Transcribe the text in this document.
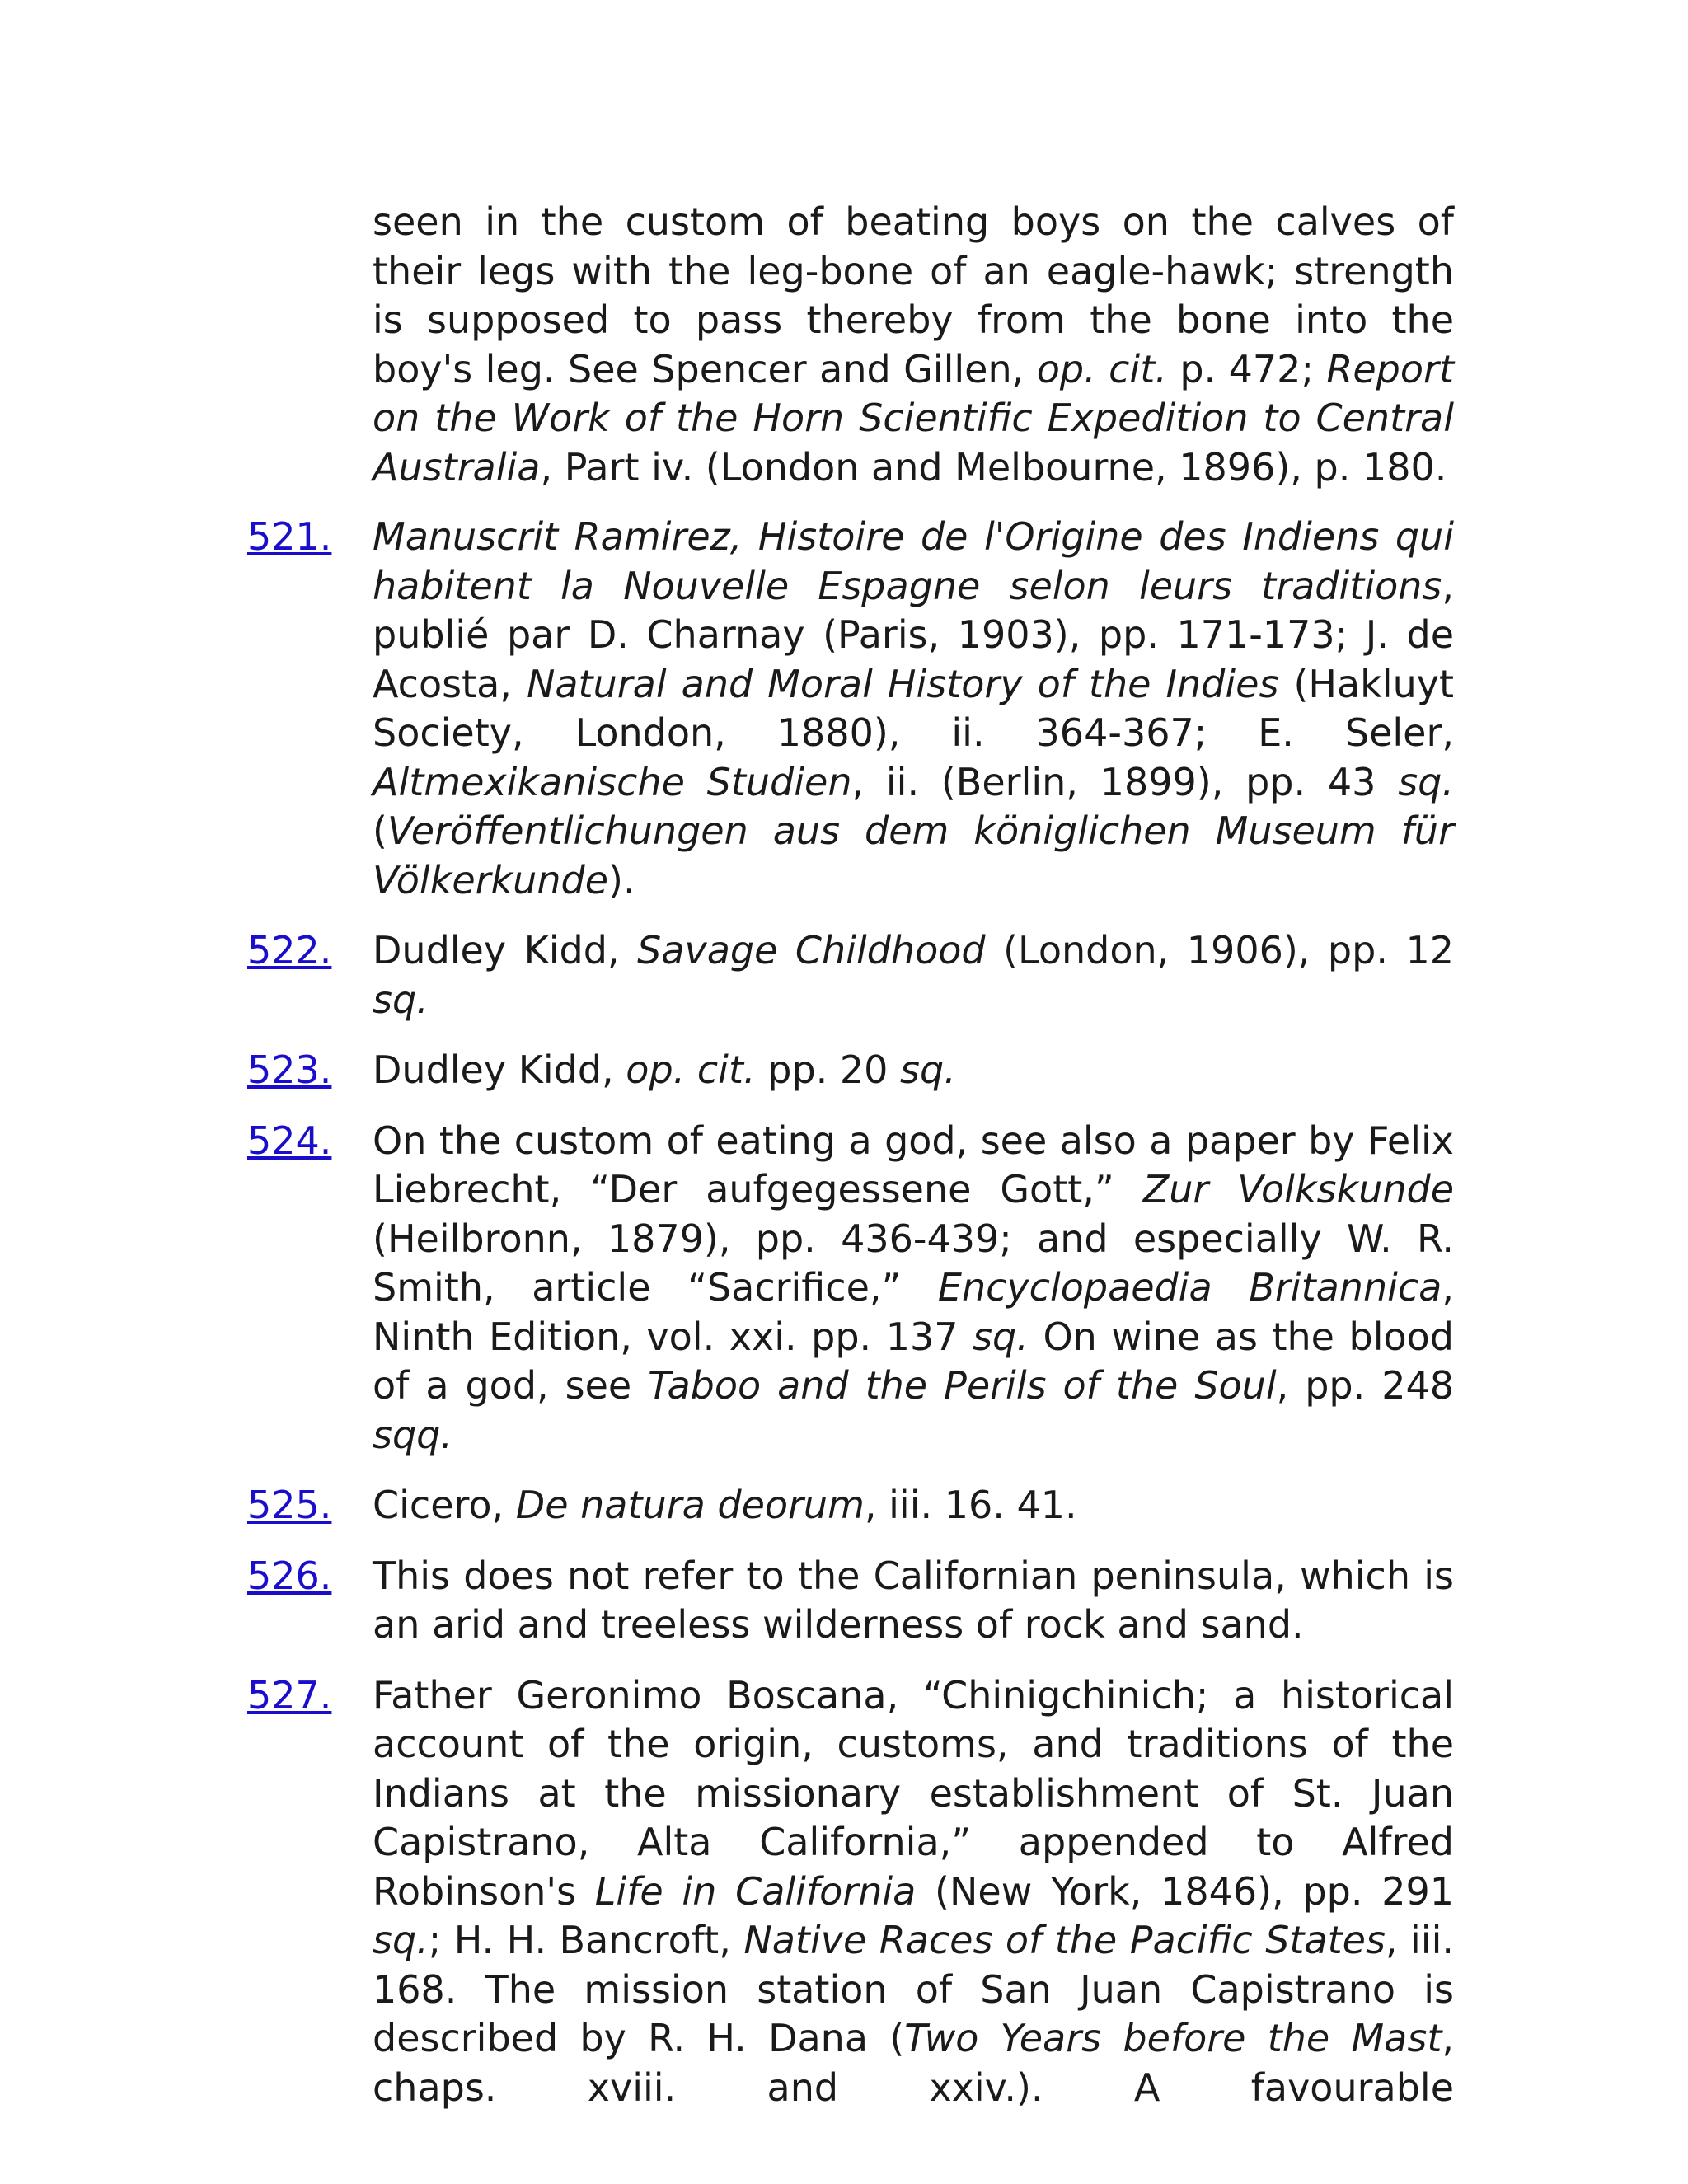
seen in the custom of beating boys on the calves of their legs with the leg-bone of an eagle-hawk; strength is supposed to pass thereby from the bone into the boy's leg. See Spencer and Gillen, op. cit. p. 472; Report on the Work of the Horn Scientific Expedition to Central Australia, Part iv. (London and Melbourne, 1896), p. 180.

521.	Manuscrit Ramirez, Histoire de l'Origine des Indiens qui habitent la Nouvelle Espagne selon leurs traditions, publié par D. Charnay (Paris, 1903), pp. 171-173; J. de Acosta, Natural and Moral History of the Indies (Hakluyt Society, London, 1880), ii. 364-367; E. Seler, Altmexikanische Studien, ii. (Berlin, 1899), pp. 43 sq. (Veröffentlichungen aus dem königlichen Museum für Völkerkunde).

522.	Dudley Kidd, Savage Childhood (London, 1906), pp. 12 sq.

523.	Dudley Kidd, op. cit. pp. 20 sq.

524.	On the custom of eating a god, see also a paper by Felix Liebrecht, “Der aufgegessene Gott,” Zur Volkskunde (Heilbronn, 1879), pp. 436-439; and especially W. R. Smith, article “Sacrifice,” Encyclopaedia Britannica, Ninth Edition, vol. xxi. pp. 137 sq. On wine as the blood of a god, see Taboo and the Perils of the Soul, pp. 248 sqq.

525.	Cicero, De natura deorum, iii. 16. 41.

526.	This does not refer to the Californian peninsula, which is an arid and treeless wilderness of rock and sand.

527.	Father Geronimo Boscana, “Chinigchinich; a historical account of the origin, customs, and traditions of the Indians at the missionary establishment of St. Juan Capistrano, Alta California,” appended to Alfred Robinson's Life in California (New York, 1846), pp. 291 sq.; H. H. Bancroft, Native Races of the Pacific States, iii. 168. The mission station of San Juan Capistrano is described by R. H. Dana (Two Years before the Mast, chaps. xviii. and xxiv.). A favourable
